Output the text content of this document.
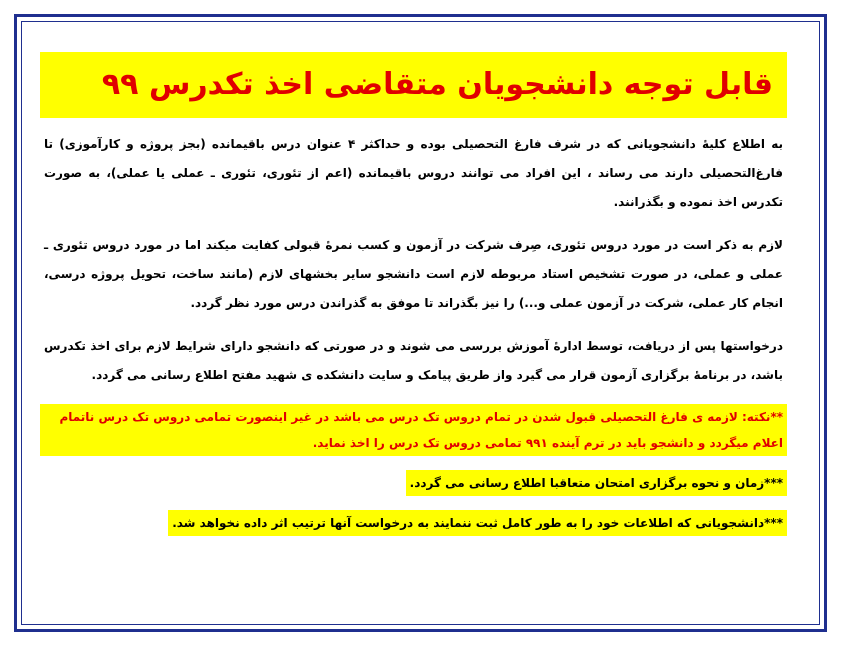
قابل توجه دانشجویان متقاضی اخذ تکدرس ۹۹

به اطلاع کلیهٔ دانشجویانی که در شرف فارغ التحصیلی بوده و حداکثر ۴ عنوان درس باقیمانده (بجز پروژه و کارآموزی) تا فارغ‌التحصیلی دارند می رساند ، این افراد می توانند دروس باقیمانده (اعم از تئوری، تئوری ـ عملی یا عملی)، به صورت تکدرس اخذ نموده و بگذرانند.

لازم به ذکر است در مورد دروس تئوری، صِرف شرکت در آزمون و کسب نمرهٔ قبولی کفایت میکند اما در مورد دروس تئوری ـ عملی و عملی، در صورت تشخیص استاد مربوطه لازم است دانشجو سایر بخشهای لازم (مانند ساخت، تحویل پروژه درسی، انجام کار عملی، شرکت در آزمون عملی و...) را نیز بگذراند تا موفق به گذراندن درس مورد نظر گردد.

درخواستها پس از دریافت، توسط ادارهٔ آموزش بررسی می شوند و در صورتی که دانشجو دارای شرایط لازم برای اخذ تکدرس باشد، در برنامهٔ برگزاری آزمون قرار می گیرد واز طریق پیامک و سایت دانشکده ی شهید مفتح اطلاع رسانی می گردد.

**نکته: لازمه ی فارغ التحصیلی قبول شدن در تمام دروس تک درس می باشد در غیر اینصورت تمامی دروس تک درس ناتمام اعلام میگردد و دانشجو باید در ترم آینده ۹۹۱ تمامی دروس تک درس را اخذ نماید.
***زمان و نحوه برگزاری امتحان متعاقبا اطلاع رسانی می گردد.
***دانشجویانی که اطلاعات خود را به طور کامل ثبت ننمایند به درخواست آنها ترتیب اثر داده نخواهد شد.
